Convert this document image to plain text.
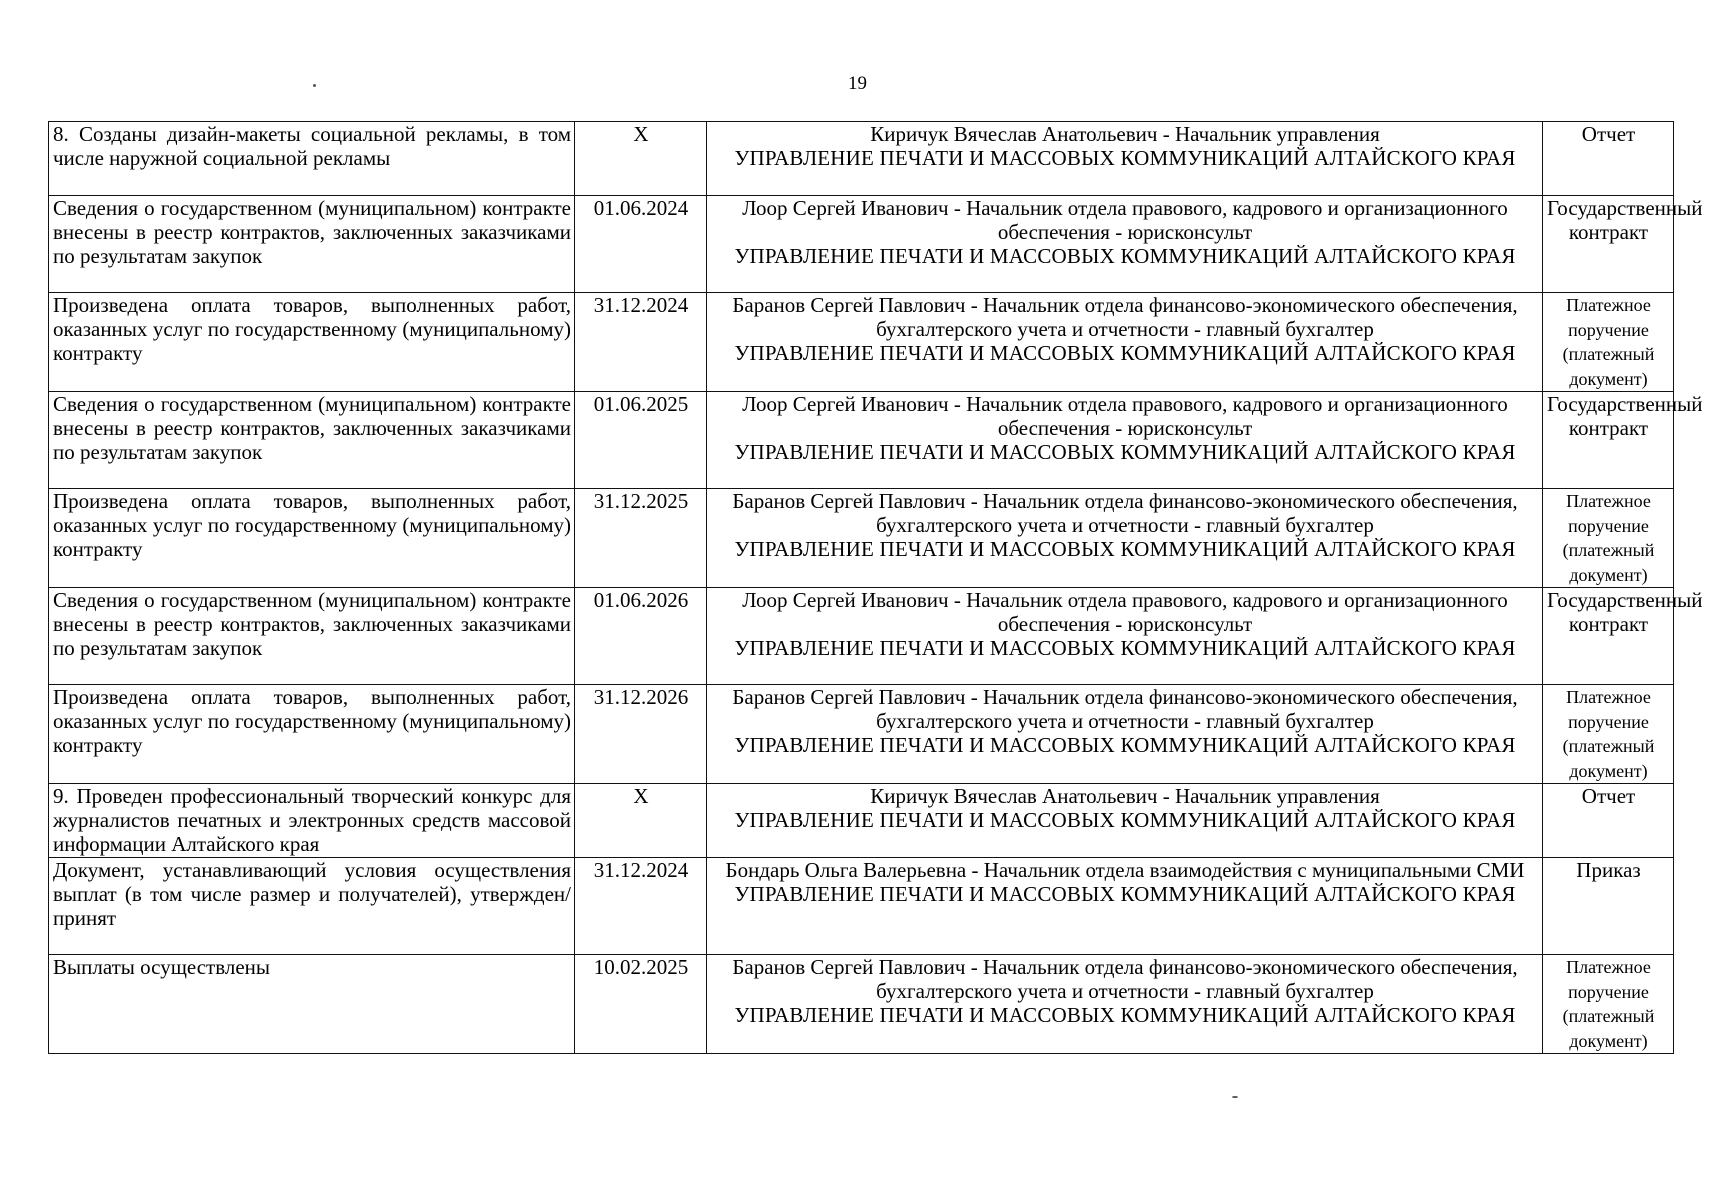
19
8. Созданы дизайн-макеты социальной рекламы, в том числе наружной социальной рекламы	X	Киричук Вячеслав Анатольевич - Начальник управления
УПРАВЛЕНИЕ ПЕЧАТИ И МАССОВЫХ КОММУНИКАЦИЙ АЛТАЙСКОГО КРАЯ	Отчет
Сведения о государственном (муниципальном) контракте внесены в реестр контрактов, заключенных заказчиками по результатам закупок	01.06.2024	Лоор Сергей Иванович - Начальник отдела правового, кадрового и организационного обеспечения - юрисконсульт
УПРАВЛЕНИЕ ПЕЧАТИ И МАССОВЫХ КОММУНИКАЦИЙ АЛТАЙСКОГО КРАЯ	Государственный контракт
Произведена оплата товаров, выполненных работ, оказанных услуг по государственному (муниципальному) контракту	31.12.2024	Баранов Сергей Павлович - Начальник отдела финансово-экономического обеспечения, бухгалтерского учета и отчетности - главный бухгалтер
УПРАВЛЕНИЕ ПЕЧАТИ И МАССОВЫХ КОММУНИКАЦИЙ АЛТАЙСКОГО КРАЯ	Платежное поручение (платежный документ)
Сведения о государственном (муниципальном) контракте внесены в реестр контрактов, заключенных заказчиками по результатам закупок	01.06.2025	Лоор Сергей Иванович - Начальник отдела правового, кадрового и организационного обеспечения - юрисконсульт
УПРАВЛЕНИЕ ПЕЧАТИ И МАССОВЫХ КОММУНИКАЦИЙ АЛТАЙСКОГО КРАЯ	Государственный контракт
Произведена оплата товаров, выполненных работ, оказанных услуг по государственному (муниципальному) контракту	31.12.2025	Баранов Сергей Павлович - Начальник отдела финансово-экономического обеспечения, бухгалтерского учета и отчетности - главный бухгалтер
УПРАВЛЕНИЕ ПЕЧАТИ И МАССОВЫХ КОММУНИКАЦИЙ АЛТАЙСКОГО КРАЯ	Платежное поручение (платежный документ)
Сведения о государственном (муниципальном) контракте внесены в реестр контрактов, заключенных заказчиками по результатам закупок	01.06.2026	Лоор Сергей Иванович - Начальник отдела правового, кадрового и организационного обеспечения - юрисконсульт
УПРАВЛЕНИЕ ПЕЧАТИ И МАССОВЫХ КОММУНИКАЦИЙ АЛТАЙСКОГО КРАЯ	Государственный контракт
Произведена оплата товаров, выполненных работ, оказанных услуг по государственному (муниципальному) контракту	31.12.2026	Баранов Сергей Павлович - Начальник отдела финансово-экономического обеспечения, бухгалтерского учета и отчетности - главный бухгалтер
УПРАВЛЕНИЕ ПЕЧАТИ И МАССОВЫХ КОММУНИКАЦИЙ АЛТАЙСКОГО КРАЯ	Платежное поручение (платежный документ)
9. Проведен профессиональный творческий конкурс для журналистов печатных и электронных средств массовой информации Алтайского края	X	Киричук Вячеслав Анатольевич - Начальник управления
УПРАВЛЕНИЕ ПЕЧАТИ И МАССОВЫХ КОММУНИКАЦИЙ АЛТАЙСКОГО КРАЯ	Отчет
Документ, устанавливающий условия осуществления выплат (в том числе размер и получателей), утвержден/принят	31.12.2024	Бондарь Ольга Валерьевна - Начальник отдела взаимодействия с муниципальными СМИ
УПРАВЛЕНИЕ ПЕЧАТИ И МАССОВЫХ КОММУНИКАЦИЙ АЛТАЙСКОГО КРАЯ	Приказ
Выплаты осуществлены	10.02.2025	Баранов Сергей Павлович - Начальник отдела финансово-экономического обеспечения, бухгалтерского учета и отчетности - главный бухгалтер
УПРАВЛЕНИЕ ПЕЧАТИ И МАССОВЫХ КОММУНИКАЦИЙ АЛТАЙСКОГО КРАЯ	Платежное поручение (платежный документ)
